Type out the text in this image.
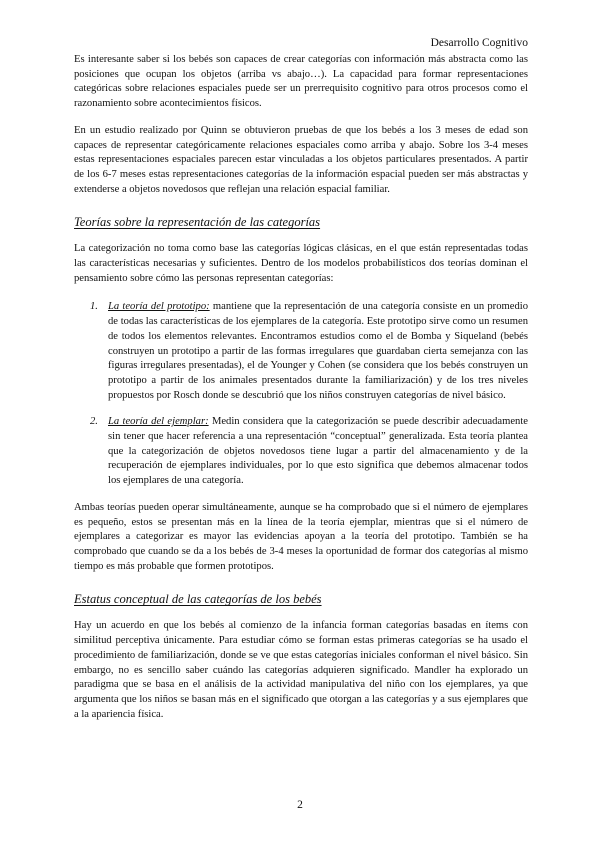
Desarrollo Cognitivo

Es interesante saber si los bebés son capaces de crear categorías con información más abstracta como las posiciones que ocupan los objetos (arriba vs abajo…). La capacidad para formar representaciones categóricas sobre relaciones espaciales puede ser un prerrequisito cognitivo para otros procesos como el razonamiento sobre acontecimientos físicos.

En un estudio realizado por Quinn se obtuvieron pruebas de que los bebés a los 3 meses de edad son capaces de representar categóricamente relaciones espaciales como arriba y abajo. Sobre los 3-4 meses estas representaciones espaciales parecen estar vinculadas a los objetos particulares presentados. A partir de los 6-7 meses estas representaciones categorías de la información espacial pueden ser más abstractas y extenderse a objetos novedosos que reflejan una relación espacial familiar.

Teorías sobre la representación de las categorías

La categorización no toma como base las categorías lógicas clásicas, en el que están representadas todas las características necesarias y suficientes. Dentro de los modelos probabilísticos dos teorías dominan el pensamiento sobre cómo las personas representan categorías:

1. La teoría del prototipo: mantiene que la representación de una categoría consiste en un promedio de todas las características de los ejemplares de la categoría. Este prototipo sirve como un resumen de todos los elementos relevantes. Encontramos estudios como el de Bomba y Siqueland (bebés construyen un prototipo a partir de las formas irregulares que guardaban cierta semejanza con las figuras irregulares presentadas), el de Younger y Cohen (se considera que los bebés construyen un prototipo a partir de los animales presentados durante la familiarización) y de los tres niveles propuestos por Rosch donde se descubrió que los niños construyen categorías de nivel básico.

2. La teoría del ejemplar: Medin considera que la categorización se puede describir adecuadamente sin tener que hacer referencia a una representación “conceptual” generalizada. Esta teoría plantea que la categorización de objetos novedosos tiene lugar a partir del almacenamiento y de la recuperación de ejemplares individuales, por lo que esto significa que debemos almacenar todos los ejemplares de una categoría.

Ambas teorías pueden operar simultáneamente, aunque se ha comprobado que si el número de ejemplares es pequeño, estos se presentan más en la línea de la teoría ejemplar, mientras que si el número de ejemplares a categorizar es mayor las evidencias apoyan a la teoría del prototipo. También se ha comprobado que cuando se da a los bebés de 3-4 meses la oportunidad de formar dos categorías al mismo tiempo es más probable que formen prototipos.

Estatus conceptual de las categorías de los bebés

Hay un acuerdo en que los bebés al comienzo de la infancia forman categorías basadas en ítems con similitud perceptiva únicamente. Para estudiar cómo se forman estas primeras categorías se ha usado el procedimiento de familiarización, donde se ve que estas categorías iniciales conforman el nivel básico. Sin embargo, no es sencillo saber cuándo las categorías adquieren significado. Mandler ha explorado un paradigma que se basa en el análisis de la actividad manipulativa del niño con los ejemplares, ya que argumenta que los niños se basan más en el significado que otorgan a las categorías y a sus ejemplares que a la apariencia física.

2
